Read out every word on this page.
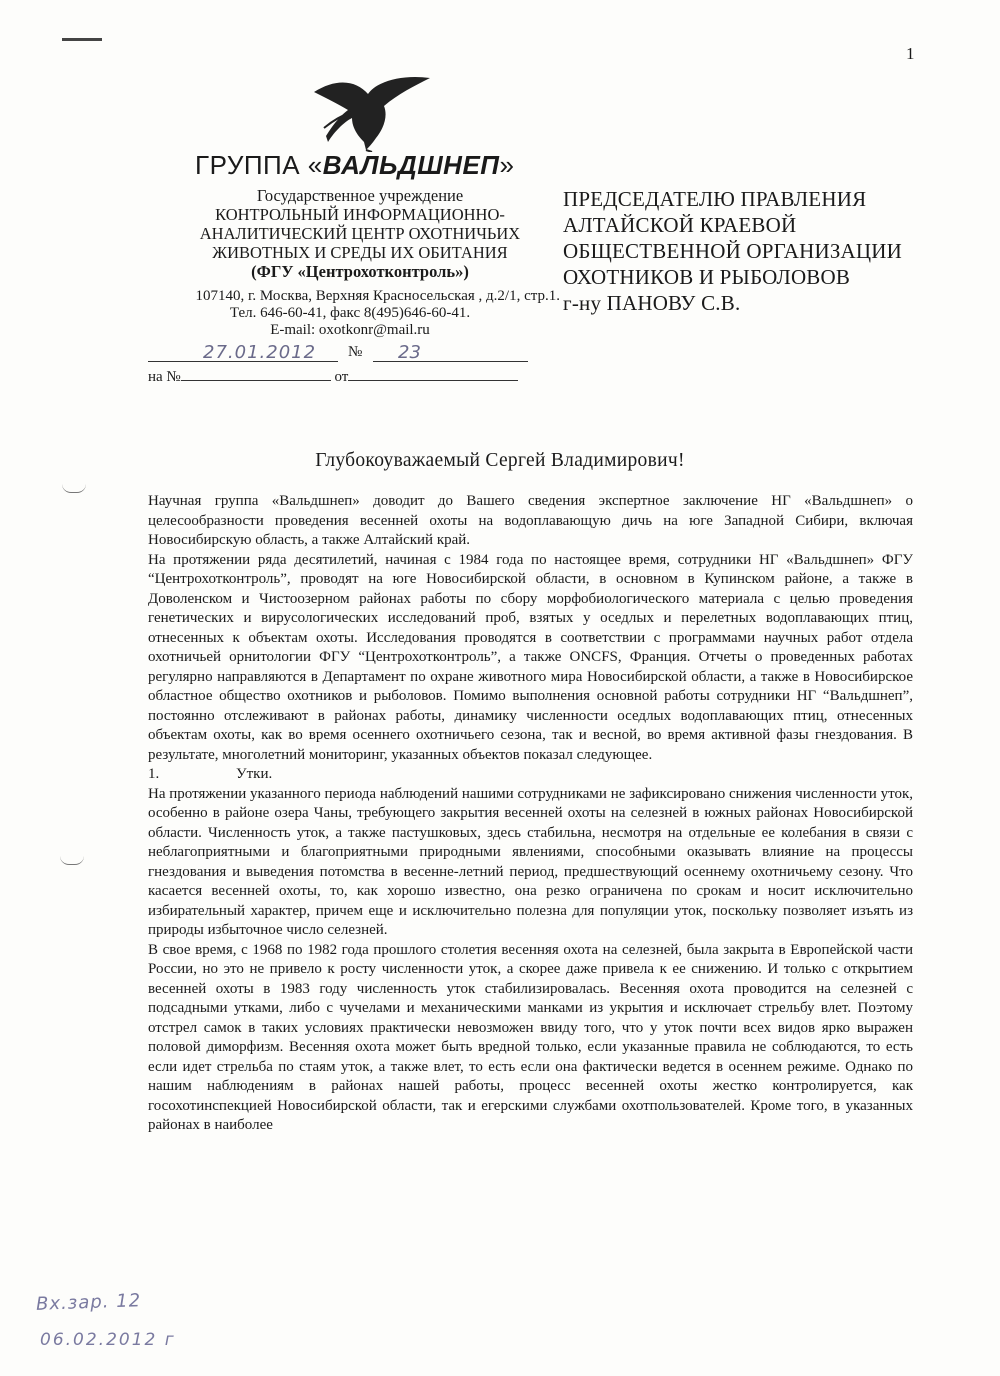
1
ГРУППА «ВАЛЬДШНЕП»
Государственное учреждение
КОНТРОЛЬНЫЙ ИНФОРМАЦИОННО-
АНАЛИТИЧЕСКИЙ ЦЕНТР ОХОТНИЧЬИХ
ЖИВОТНЫХ И СРЕДЫ ИХ ОБИТАНИЯ
(ФГУ «Центрохотконтроль»)
107140, г. Москва, Верхняя Красносельская , д.2/1, стр.1.
Тел. 646-60-41, факс 8(495)646-60-41.
E-mail: oxotkonr@mail.ru
27.01.2012 № 23
на №	от
ПРЕДСЕДАТЕЛЮ ПРАВЛЕНИЯ
АЛТАЙСКОЙ КРАЕВОЙ
ОБЩЕСТВЕННОЙ ОРГАНИЗАЦИИ
ОХОТНИКОВ И РЫБОЛОВОВ
г-ну ПАНОВУ С.В.
Глубокоуважаемый Сергей Владимирович!

Научная группа «Вальдшнеп» доводит до Вашего сведения экспертное заключение НГ «Вальдшнеп» о целесообразности проведения весенней охоты на водоплавающую дичь на юге Западной Сибири, включая Новосибирскую область, а также Алтайский край.

На протяжении ряда десятилетий, начиная с 1984 года по настоящее время, сотрудники НГ «Вальдшнеп» ФГУ “Центрохотконтроль”, проводят на юге Новосибирской области, в основном в Купинском районе, а также в Доволенском и Чистоозерном районах работы по сбору морфобиологического материала с целью проведения генетических и вирусологических исследований проб, взятых у оседлых и перелетных водоплавающих птиц, отнесенных к объектам охоты. Исследования проводятся в соответствии с программами научных работ отдела охотничьей орнитологии ФГУ “Центрохотконтроль”, а также ONCFS, Франция. Отчеты о проведенных работах регулярно направляются в Департамент по охране животного мира Новосибирской области, а также в Новосибирское областное общество охотников и рыболовов. Помимо выполнения основной работы сотрудники НГ “Вальдшнеп”, постоянно отслеживают в районах работы, динамику численности оседлых водоплавающих птиц, отнесенных объектам охоты, как во время осеннего охотничьего сезона, так и весной, во время активной фазы гнездования. В результате, многолетний мониторинг, указанных объектов показал следующее.

1.	Утки.

На протяжении указанного периода наблюдений нашими сотрудниками не зафиксировано снижения численности уток, особенно в районе озера Чаны, требующего закрытия весенней охоты на селезней в южных районах Новосибирской области. Численность уток, а также пастушковых, здесь стабильна, несмотря на отдельные ее колебания в связи с неблагоприятными и благоприятными природными явлениями, способными оказывать влияние на процессы гнездования и выведения потомства в весенне-летний период, предшествующий осеннему охотничьему сезону. Что касается весенней охоты, то, как хорошо известно, она резко ограничена по срокам и носит исключительно избирательный характер, причем еще и исключительно полезна для популяции уток, поскольку позволяет изъять из природы избыточное число селезней.

В свое время, с 1968 по 1982 года прошлого столетия весенняя охота на селезней, была закрыта в Европейской части России, но это не привело к росту численности уток, а скорее даже привела к ее снижению. И только с открытием весенней охоты в 1983 году численность уток стабилизировалась. Весенняя охота проводится на селезней с подсадными утками, либо с чучелами и механическими манками из укрытия и исключает стрельбу влет. Поэтому отстрел самок в таких условиях практически невозможен ввиду того, что у уток почти всех видов ярко выражен половой диморфизм. Весенняя охота может быть вредной только, если указанные правила не соблюдаются, то есть если идет стрельба по стаям уток, а также влет, то есть если она фактически ведется в осеннем режиме. Однако по нашим наблюдениям в районах нашей работы, процесс весенней охоты жестко контролируется, как госохотинспекцией Новосибирской области, так и егерскими службами охотпользователей. Кроме того, в указанных районах в наиболее

Вх.зар. 12
06.02.2012 г
